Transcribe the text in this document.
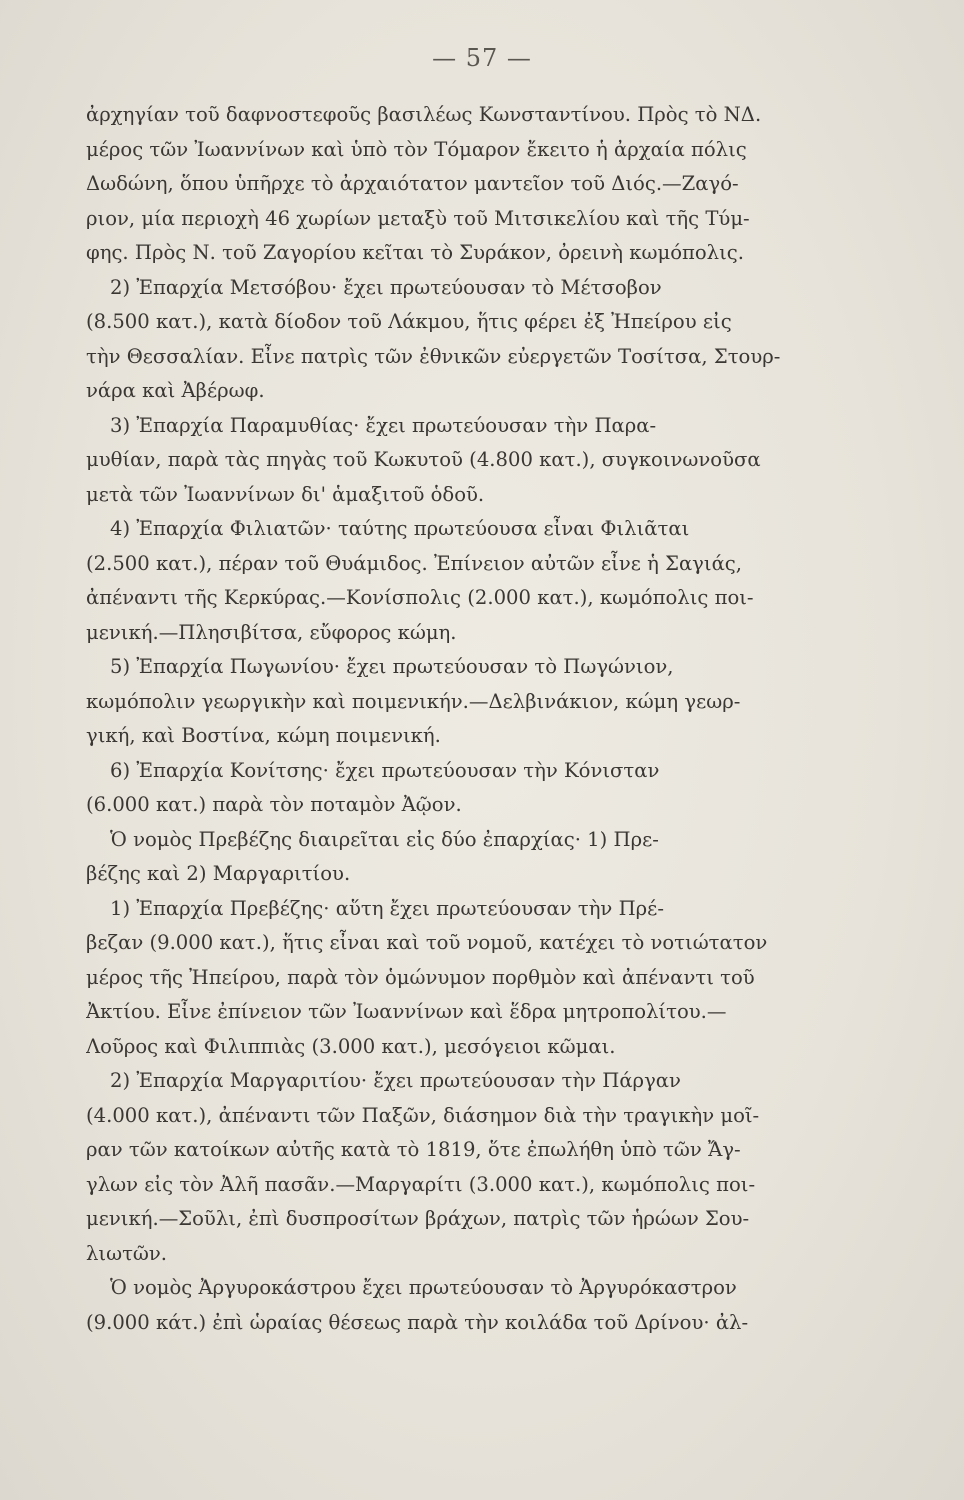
— 57 —
ἀρχηγίαν τοῦ δαφνοστεφοῦς βασιλέως Κωνσταντίνου. Πρὸς τὸ ΝΔ.
μέρος τῶν Ἰωαννίνων καὶ ὑπὸ τὸν Τόμαρον ἔκειτο ἡ ἀρχαία πόλις
Δωδώνη, ὅπου ὑπῆρχε τὸ ἀρχαιότατον μαντεῖον τοῦ Διός.—Ζαγό-
ριον, μία περιοχὴ 46 χωρίων μεταξὺ τοῦ Μιτσικελίου καὶ τῆς Τύμ-
φης. Πρὸς Ν. τοῦ Ζαγορίου κεῖται τὸ Συράκον, ὀρεινὴ κωμόπολις.
2) Ἐπαρχία Μετσόβου· ἔχει πρωτεύουσαν τὸ Μέτσοβον
(8.500 κατ.), κατὰ δίοδον τοῦ Λάκμου, ἥτις φέρει ἐξ Ἠπείρου εἰς
τὴν Θεσσαλίαν. Εἶνε πατρὶς τῶν ἐθνικῶν εὐεργετῶν Τοσίτσα, Στουρ-
νάρα καὶ Ἀβέρωφ.
3) Ἐπαρχία Παραμυθίας· ἔχει πρωτεύουσαν τὴν Παρα-
μυθίαν, παρὰ τὰς πηγὰς τοῦ Κωκυτοῦ (4.800 κατ.), συγκοινωνοῦσα
μετὰ τῶν Ἰωαννίνων δι' ἁμαξιτοῦ ὁδοῦ.
4) Ἐπαρχία Φιλιατῶν· ταύτης πρωτεύουσα εἶναι Φιλιᾶται
(2.500 κατ.), πέραν τοῦ Θυάμιδος. Ἐπίνειον αὐτῶν εἶνε ἡ Σαγιάς,
ἀπέναντι τῆς Κερκύρας.—Κονίσπολις (2.000 κατ.), κωμόπολις ποι-
μενική.—Πλησιβίτσα, εὔφορος κώμη.
5) Ἐπαρχία Πωγωνίου· ἔχει πρωτεύουσαν τὸ Πωγώνιον,
κωμόπολιν γεωργικὴν καὶ ποιμενικήν.—Δελβινάκιον, κώμη γεωρ-
γική, καὶ Βοστίνα, κώμη ποιμενική.
6) Ἐπαρχία Κονίτσης· ἔχει πρωτεύουσαν τὴν Κόνισταν
(6.000 κατ.) παρὰ τὸν ποταμὸν Ἀῷον.
Ὁ νομὸς Πρεβέζης διαιρεῖται εἰς δύο ἐπαρχίας· 1) Πρε-
βέζης καὶ 2) Μαργαριτίου.
1) Ἐπαρχία Πρεβέζης· αὕτη ἔχει πρωτεύουσαν τὴν Πρέ-
βεζαν (9.000 κατ.), ἥτις εἶναι καὶ τοῦ νομοῦ, κατέχει τὸ νοτιώτατον
μέρος τῆς Ἠπείρου, παρὰ τὸν ὁμώνυμον πορθμὸν καὶ ἀπέναντι τοῦ
Ἀκτίου. Εἶνε ἐπίνειον τῶν Ἰωαννίνων καὶ ἕδρα μητροπολίτου.—
Λοῦρος καὶ Φιλιππιὰς (3.000 κατ.), μεσόγειοι κῶμαι.
2) Ἐπαρχία Μαργαριτίου· ἔχει πρωτεύουσαν τὴν Πάργαν
(4.000 κατ.), ἀπέναντι τῶν Παξῶν, διάσημον διὰ τὴν τραγικὴν μοῖ-
ραν τῶν κατοίκων αὐτῆς κατὰ τὸ 1819, ὅτε ἐπωλήθη ὑπὸ τῶν Ἄγ-
γλων εἰς τὸν Ἀλῆ πασᾶν.—Μαργαρίτι (3.000 κατ.), κωμόπολις ποι-
μενική.—Σοῦλι, ἐπὶ δυσπροσίτων βράχων, πατρὶς τῶν ἡρώων Σου-
λιωτῶν.
Ὁ νομὸς Ἀργυροκάστρου ἔχει πρωτεύουσαν τὸ Ἀργυρόκαστρον
(9.000 κάτ.) ἐπὶ ὡραίας θέσεως παρὰ τὴν κοιλάδα τοῦ Δρίνου· ἀλ-
